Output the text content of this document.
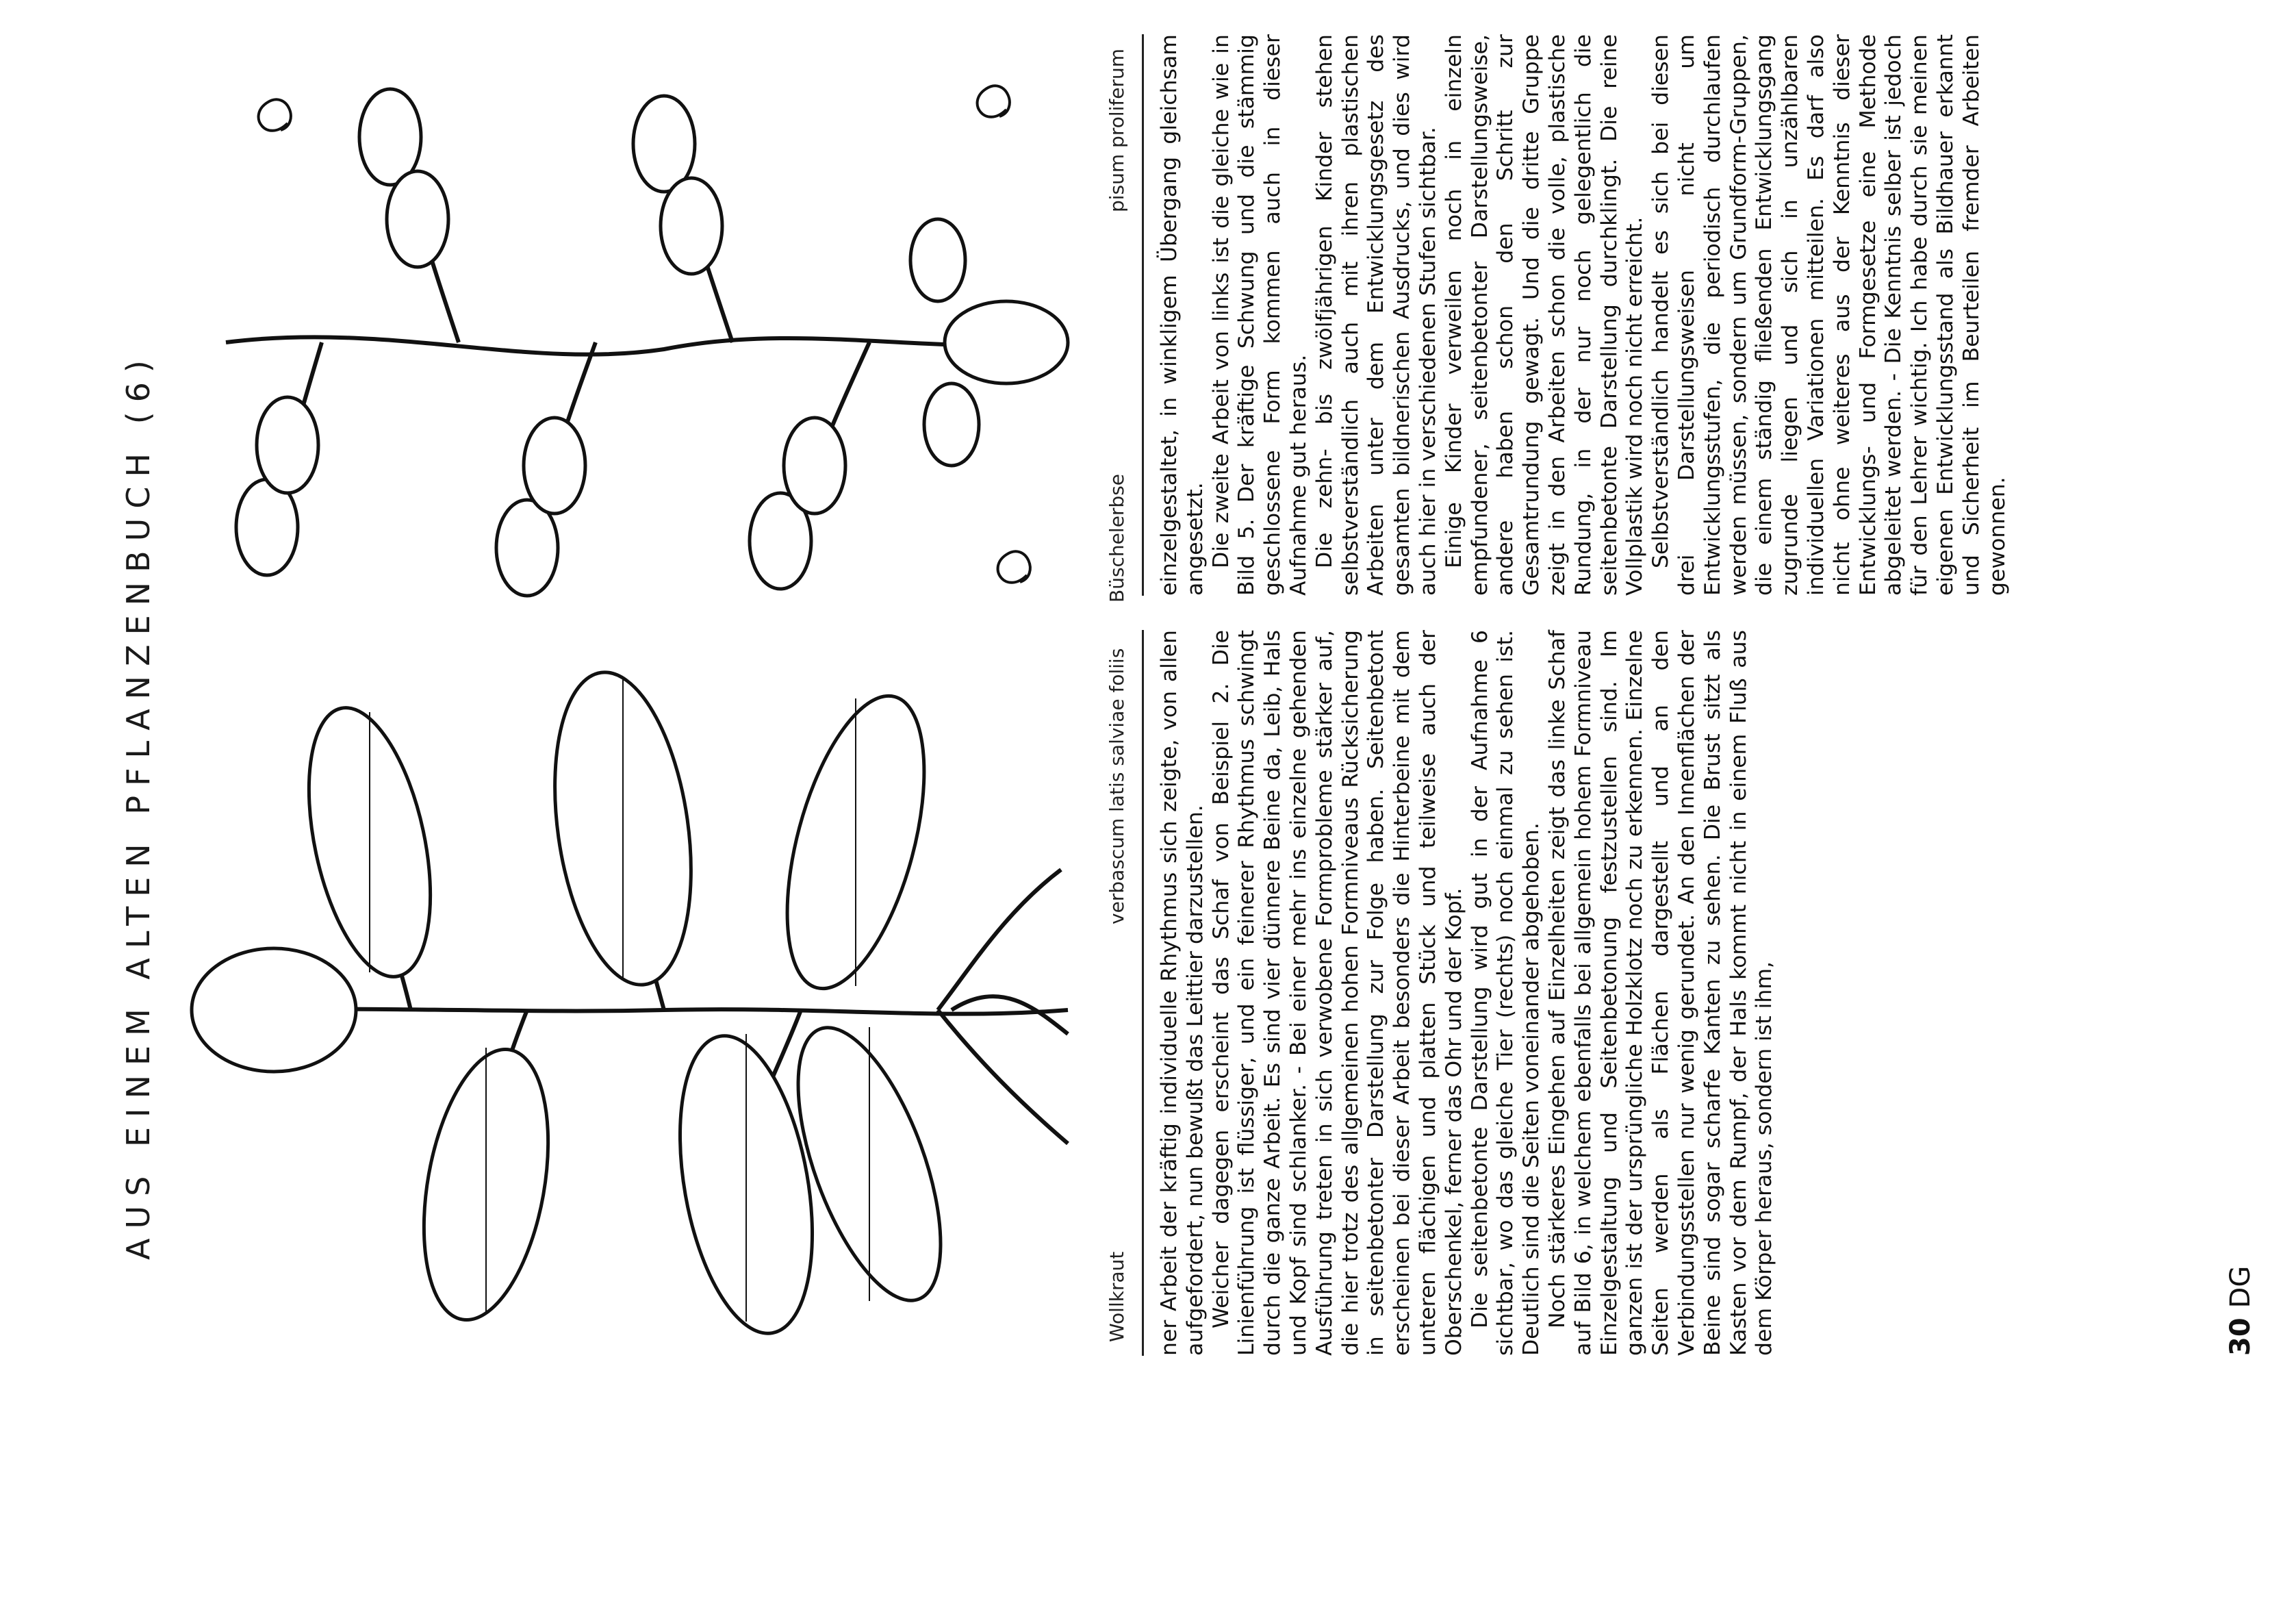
AUS EINEM ALTEN PFLANZENBUCH (6)
Wollkraut
verbascum latis salviae foliis
Büschelerbse
pisum proliferum

ner Arbeit der kräftig individuelle Rhythmus sich zeigte, von allen aufgefordert, nun bewußt das Leittier darzustellen. Weicher dagegen erscheint das Schaf von Beispiel 2. Die Linienführung ist flüssiger, und ein feinerer Rhythmus schwingt durch die ganze Arbeit. Es sind vier dünnere Beine da, Leib, Hals und Kopf sind schlanker. - Bei einer mehr ins einzelne gehenden Ausführung treten in sich verwobene Formprobleme stärker auf, die hier trotz des allgemeinen hohen Formniveaus Rücksicherung in seitenbetonter Darstellung zur Folge haben. Seitenbetont erscheinen bei dieser Arbeit besonders die Hinterbeine mit dem unteren flächigen und platten Stück und teilweise auch der Oberschenkel, ferner das Ohr und der Kopf. Die seitenbetonte Darstellung wird gut in der Aufnahme 6 sichtbar, wo das gleiche Tier (rechts) noch einmal zu sehen ist. Deutlich sind die Seiten voneinander abgehoben. Noch stärkeres Eingehen auf Einzelheiten zeigt das linke Schaf auf Bild 6, in welchem ebenfalls bei allgemein hohem Formniveau Einzelgestaltung und Seitenbetonung festzustellen sind. Im ganzen ist der ursprüngliche Holzklotz noch zu erkennen. Einzelne Seiten werden als Flächen dargestellt und an den Verbindungsstellen nur wenig gerundet. An den Innenflächen der Beine sind sogar scharfe Kanten zu sehen. Die Brust sitzt als Kasten vor dem Rumpf, der Hals kommt nicht in einem Fluß aus dem Körper heraus, sondern ist ihm,

einzelgestaltet, in winkligem Übergang gleichsam angesetzt. Die zweite Arbeit von links ist die gleiche wie in Bild 5. Der kräftige Schwung und die stämmig geschlossene Form kommen auch in dieser Aufnahme gut heraus. Die zehn- bis zwölfjährigen Kinder stehen selbstverständlich auch mit ihren plastischen Arbeiten unter dem Entwicklungsgesetz des gesamten bildnerischen Ausdrucks, und dies wird auch hier in verschiedenen Stufen sichtbar. Einige Kinder verweilen noch in einzeln empfundener, seitenbetonter Darstellungsweise, andere haben schon den Schritt zur Gesamtrundung gewagt. Und die dritte Gruppe zeigt in den Arbeiten schon die volle, plastische Rundung, in der nur noch gelegentlich die seitenbetonte Darstellung durchklingt. Die reine Vollplastik wird noch nicht erreicht. Selbstverständlich handelt es sich bei diesen drei Darstellungsweisen nicht um Entwicklungsstufen, die periodisch durchlaufen werden müssen, sondern um Grundform-Gruppen, die einem ständig fließenden Entwicklungsgang zugrunde liegen und sich in unzählbaren individuellen Variationen mitteilen. Es darf also nicht ohne weiteres aus der Kenntnis dieser Entwicklungs- und Formgesetze eine Methode abgeleitet werden. - Die Kenntnis selber ist jedoch für den Lehrer wichtig. Ich habe durch sie meinen eigenen Entwicklungsstand als Bildhauer erkannt und Sicherheit im Beurteilen fremder Arbeiten gewonnen.

30 DG
